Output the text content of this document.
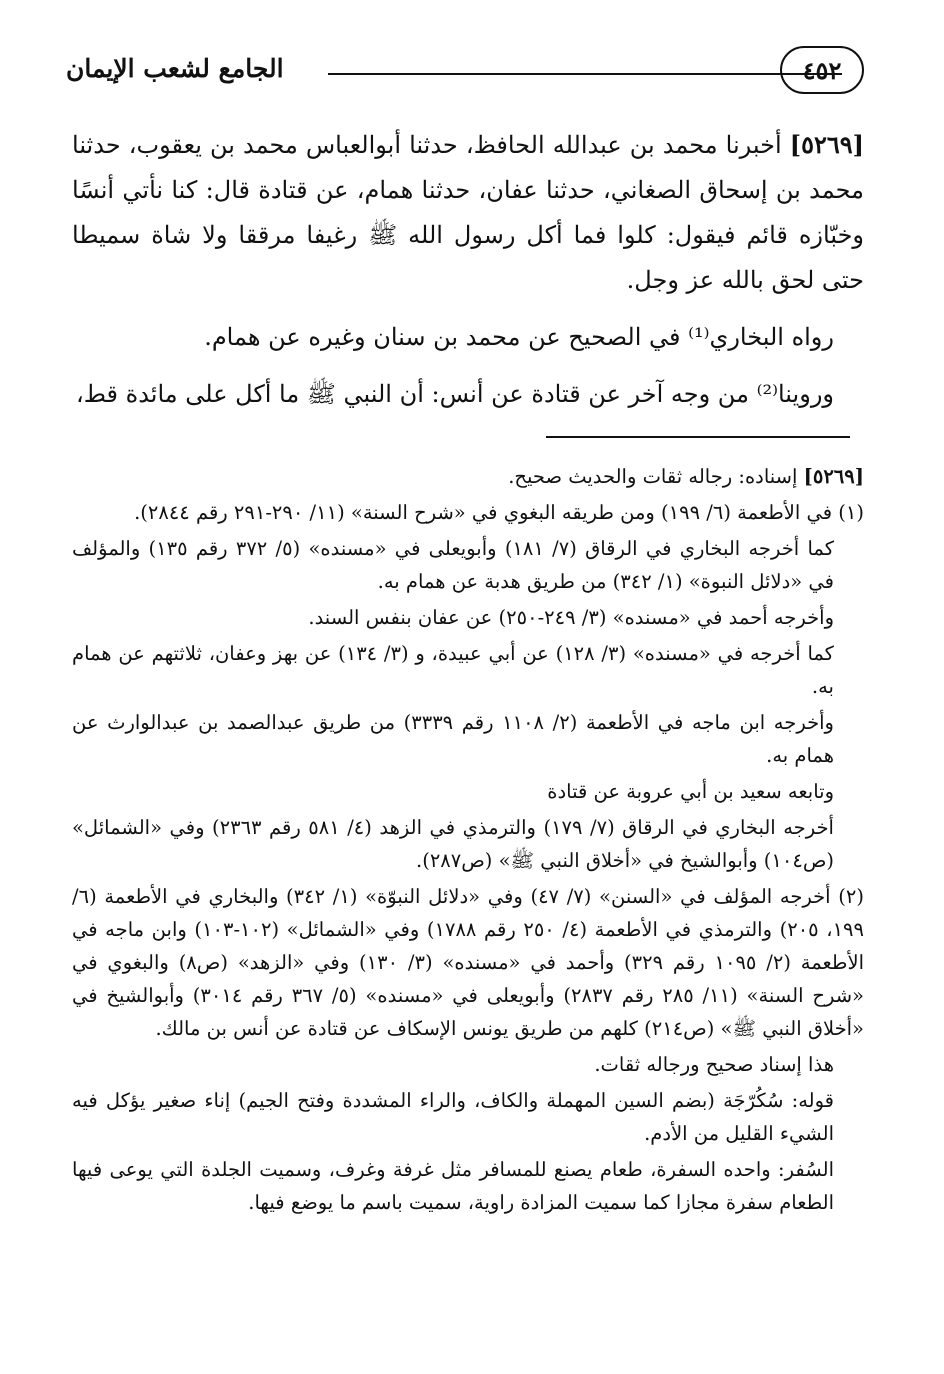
الجامع لشعب الإيمان	٤٥٢

[٥٢٦٩] أخبرنا محمد بن عبدالله الحافظ، حدثنا أبوالعباس محمد بن يعقوب، حدثنا محمد بن إسحاق الصغاني، حدثنا عفان، حدثنا همام، عن قتادة قال: كنا نأتي أنسًا وخبّازه قائم فيقول: كلوا فما أكل رسول الله ﷺ رغيفا مرققا ولا شاة سميطا حتى لحق بالله عز وجل.

رواه البخاري⁽¹⁾ في الصحيح عن محمد بن سنان وغيره عن همام.

وروينا⁽²⁾ من وجه آخر عن قتادة عن أنس: أن النبي ﷺ ما أكل على مائدة قط،

[٥٢٦٩] إسناده: رجاله ثقات والحديث صحيح.

(١) في الأطعمة (٦/ ١٩٩) ومن طريقه البغوي في «شرح السنة» (١١/ ٢٩٠-٢٩١ رقم ٢٨٤٤).

كما أخرجه البخاري في الرقاق (٧/ ١٨١) وأبويعلى في «مسنده» (٥/ ٣٧٢ رقم ١٣٥) والمؤلف في «دلائل النبوة» (١/ ٣٤٢) من طريق هدبة عن همام به.

وأخرجه أحمد في «مسنده» (٣/ ٢٤٩-٢٥٠) عن عفان بنفس السند.

كما أخرجه في «مسنده» (٣/ ١٢٨) عن أبي عبيدة، و (٣/ ١٣٤) عن بهز وعفان، ثلاثتهم عن همام به.

وأخرجه ابن ماجه في الأطعمة (٢/ ١١٠٨ رقم ٣٣٣٩) من طريق عبدالصمد بن عبدالوارث عن همام به.

وتابعه سعيد بن أبي عروبة عن قتادة

أخرجه البخاري في الرقاق (٧/ ١٧٩) والترمذي في الزهد (٤/ ٥٨١ رقم ٢٣٦٣) وفي «الشمائل» (ص١٠٤) وأبوالشيخ في «أخلاق النبي ﷺ» (ص٢٨٧).

(٢) أخرجه المؤلف في «السنن» (٧/ ٤٧) وفي «دلائل النبوّة» (١/ ٣٤٢) والبخاري في الأطعمة (٦/ ١٩٩، ٢٠٥) والترمذي في الأطعمة (٤/ ٢٥٠ رقم ١٧٨٨) وفي «الشمائل» (١٠٢-١٠٣) وابن ماجه في الأطعمة (٢/ ١٠٩٥ رقم ٣٢٩) وأحمد في «مسنده» (٣/ ١٣٠) وفي «الزهد» (ص٨) والبغوي في «شرح السنة» (١١/ ٢٨٥ رقم ٢٨٣٧) وأبويعلى في «مسنده» (٥/ ٣٦٧ رقم ٣٠١٤) وأبوالشيخ في «أخلاق النبي ﷺ» (ص٢١٤) كلهم من طريق يونس الإسكاف عن قتادة عن أنس بن مالك.

هذا إسناد صحيح ورجاله ثقات.

قوله: سُكُرّجَة (بضم السين المهملة والكاف، والراء المشددة وفتح الجيم) إناء صغير يؤكل فيه الشيء القليل من الأدم.

السُفر: واحده السفرة، طعام يصنع للمسافر مثل غرفة وغرف، وسميت الجلدة التي يوعى فيها الطعام سفرة مجازا كما سميت المزادة راوية، سميت باسم ما يوضع فيها.
